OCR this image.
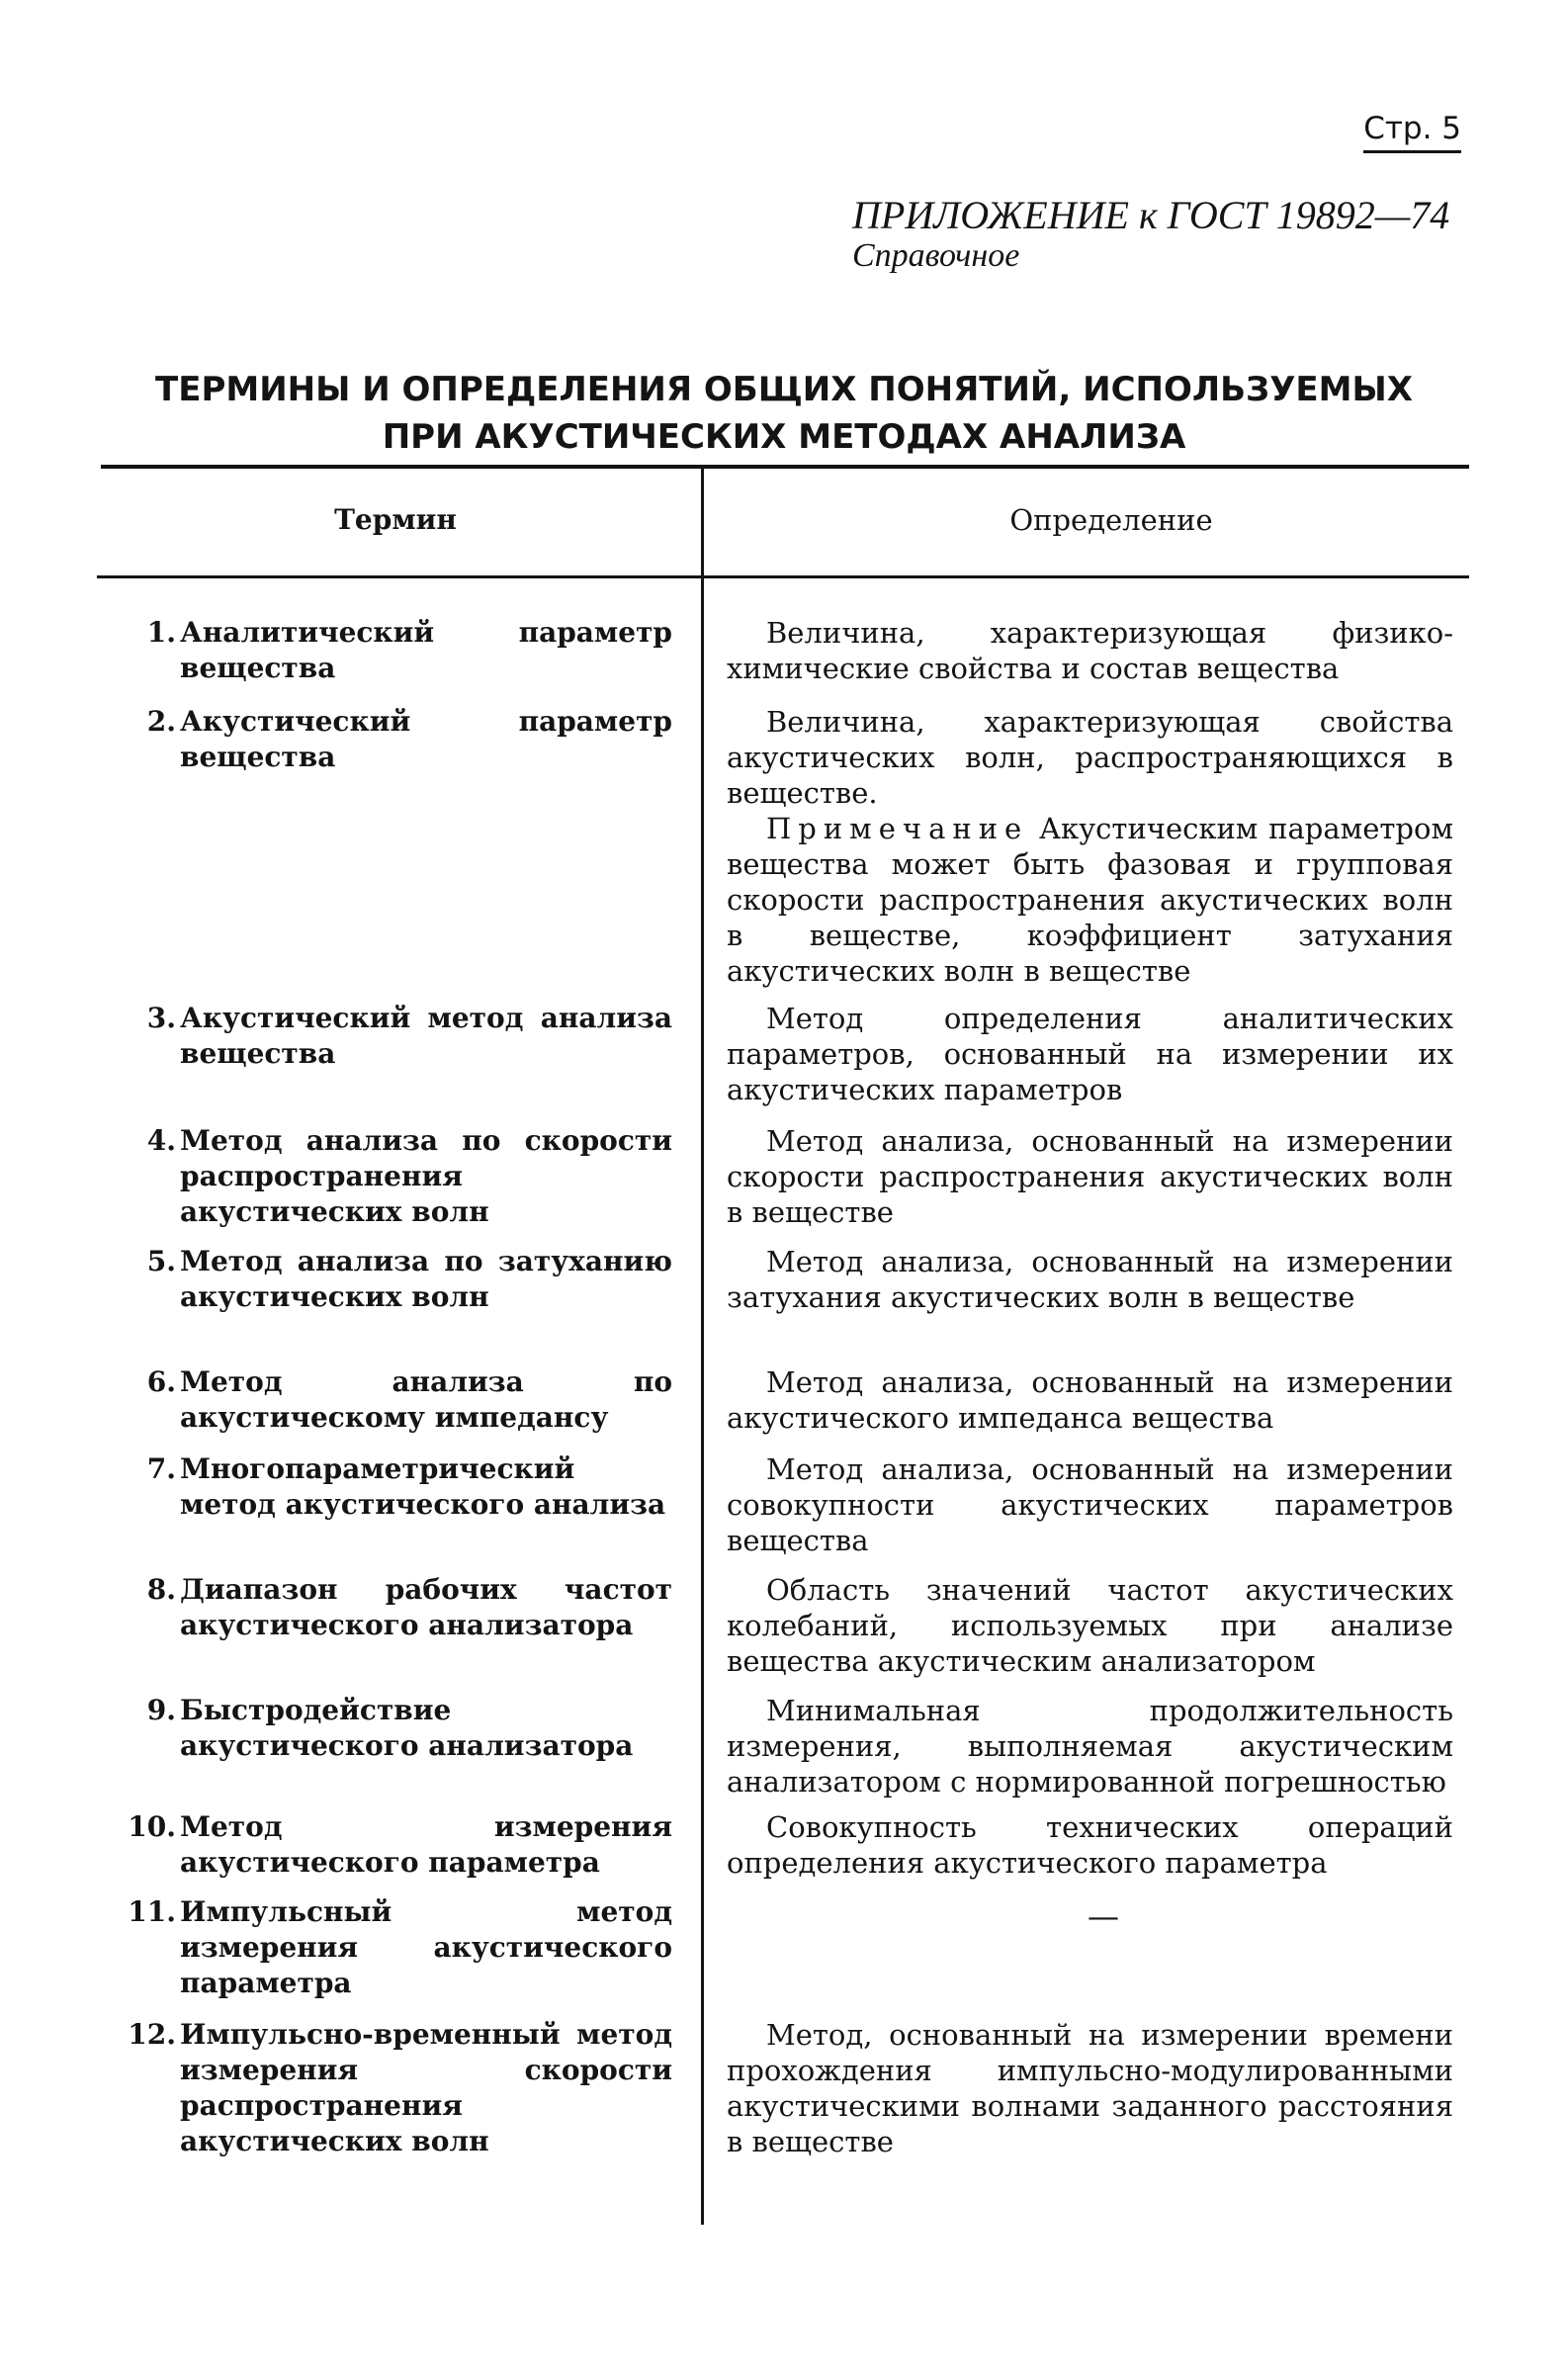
Стр. 5
ПРИЛОЖЕНИЕ к ГОСТ 19892—74
Справочное
ТЕРМИНЫ И ОПРЕДЕЛЕНИЯ ОБЩИХ ПОНЯТИЙ, ИСПОЛЬЗУЕМЫХ
ПРИ АКУСТИЧЕСКИХ МЕТОДАХ АНАЛИЗА
Термин	Определение
1. Аналитический параметр вещества
Величина, характеризующая физико-химические свойства и состав вещества
2. Акустический параметр вещества

Величина, характеризующая свойства акустических волн, распространяющихся в веществе.

Примечание Акустическим параметром вещества может быть фазовая и групповая скорости распространения акустических волн в веществе, коэффициент затухания акустических волн в веществе

3. Акустический метод анализа вещества
Метод определения аналитических параметров, основанный на измерении их акустических параметров
4. Метод анализа по скорости распространения акустических волн
Метод анализа, основанный на измерении скорости распространения акустических волн в веществе
5. Метод анализа по затуханию акустических волн
Метод анализа, основанный на измерении затухания акустических волн в веществе
6. Метод анализа по акустическому импедансу
Метод анализа, основанный на измерении акустического импеданса вещества
7. Многопараметрический метод акустического анализа
Метод анализа, основанный на измерении совокупности акустических параметров вещества
8. Диапазон рабочих частот акустического анализатора
Область значений частот акустических колебаний, используемых при анализе вещества акустическим анализатором
9. Быстродействие акустического анализатора
Минимальная продолжительность измерения, выполняемая акустическим анализатором с нормированной погрешностью
10. Метод измерения акустического параметра
Совокупность технических операций определения акустического параметра
11. Импульсный метод измерения акустического параметра
—
12. Импульсно-временный метод измерения скорости распространения акустических волн
Метод, основанный на измерении времени прохождения импульсно-модулированными акустическими волнами заданного расстояния в веществе
